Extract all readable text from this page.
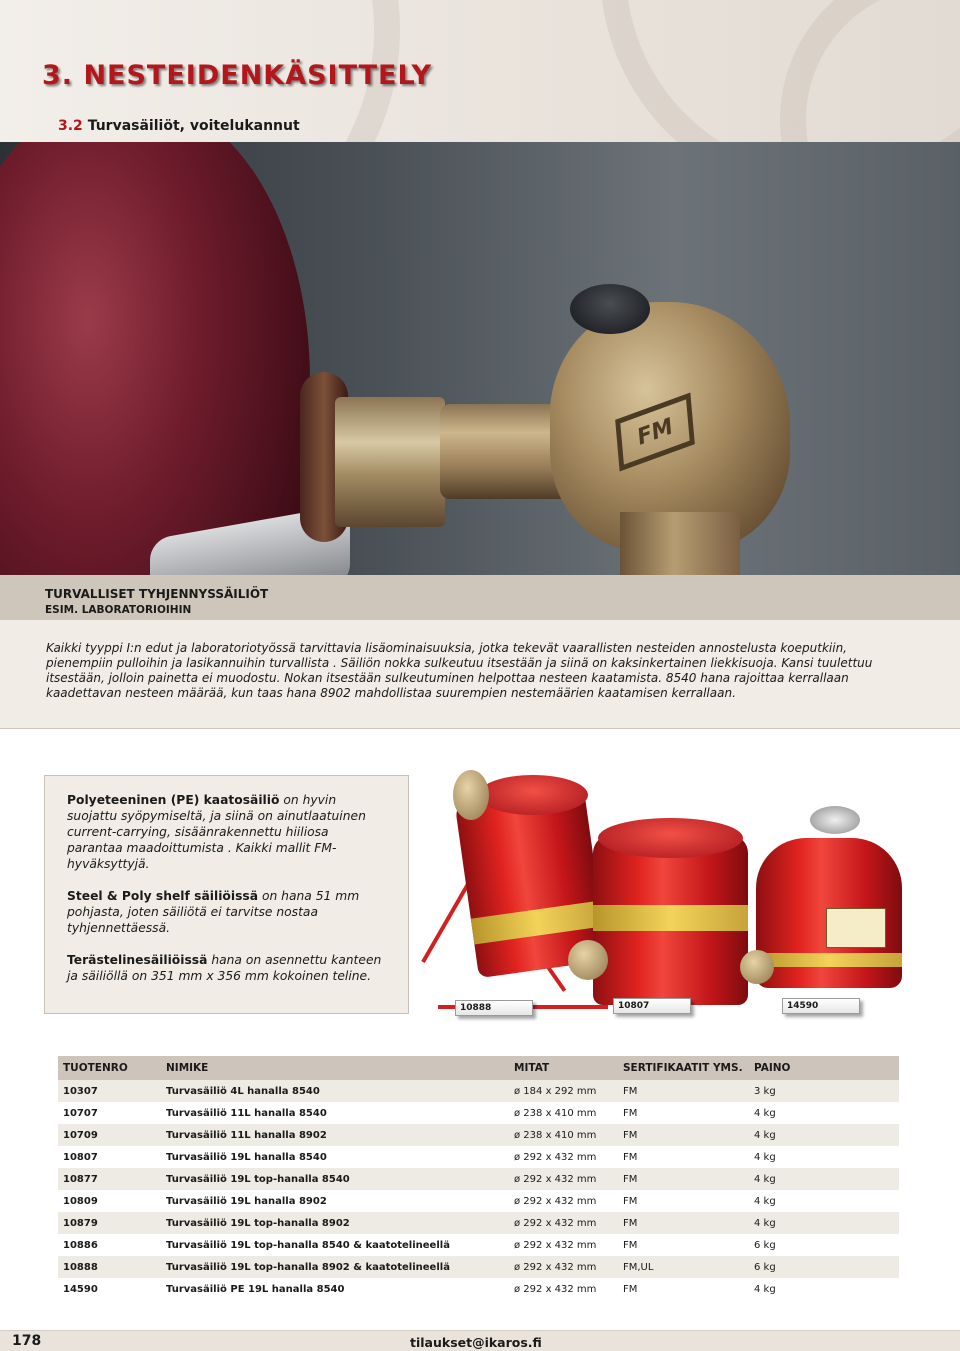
3. NESTEIDENKÄSITTELY
3.2 Turvasäiliöt, voitelukannut
FM
TURVALLISET TYHJENNYSSÄILIÖT
ESIM. LABORATORIOIHIN
Kaikki tyyppi I:n edut ja laboratoriotyössä tarvittavia lisäominaisuuksia, jotka tekevät vaarallisten nesteiden annostelusta koeputkiin, pienempiin pulloihin ja lasikannuihin turvallista . Säiliön nokka sulkeutuu itsestään ja siinä on kaksinkertainen liekkisuoja. Kansi tuulettuu itsestään, jolloin painetta ei muodostu. Nokan itsestään sulkeutuminen helpottaa nesteen kaatamista. 8540 hana rajoittaa kerrallaan kaadettavan nesteen määrää, kun taas hana 8902 mahdollistaa suurempien nestemäärien kaatamisen kerrallaan.

Polyeteeninen (PE) kaatosäiliö on hyvin suojattu syöpymiseltä, ja siinä on ainutlaatuinen current-carrying, sisäänrakennettu hiiliosa parantaa maadoittumista . Kaikki mallit FM-hyväksyttyjä.

Steel & Poly shelf säiliöissä on hana 51 mm pohjasta, joten säiliötä ei tarvitse nostaa tyhjennettäessä.

Terästelinesäiliöissä hana on asennettu kanteen ja säiliöllä on 351 mm x 356 mm kokoinen teline.

10888	10807	14590
TUOTENRO	NIMIKE	MITAT	SERTIFIKAATIT YMS.	PAINO
10307	Turvasäiliö 4L hanalla 8540	ø 184 x 292 mm	FM	3 kg
10707	Turvasäiliö 11L hanalla 8540	ø 238 x 410 mm	FM	4 kg
10709	Turvasäiliö 11L hanalla 8902	ø 238 x 410 mm	FM	4 kg
10807	Turvasäiliö 19L hanalla 8540	ø 292 x 432 mm	FM	4 kg
10877	Turvasäiliö 19L top-hanalla 8540	ø 292 x 432 mm	FM	4 kg
10809	Turvasäiliö 19L hanalla 8902	ø 292 x 432 mm	FM	4 kg
10879	Turvasäiliö 19L top-hanalla 8902	ø 292 x 432 mm	FM	4 kg
10886	Turvasäiliö 19L top-hanalla 8540 & kaatotelineellä	ø 292 x 432 mm	FM	6 kg
10888	Turvasäiliö 19L top-hanalla 8902 & kaatotelineellä	ø 292 x 432 mm	FM,UL	6 kg
14590	Turvasäiliö PE 19L hanalla 8540	ø 292 x 432 mm	FM	4 kg
178	tilaukset@ikaros.fi
